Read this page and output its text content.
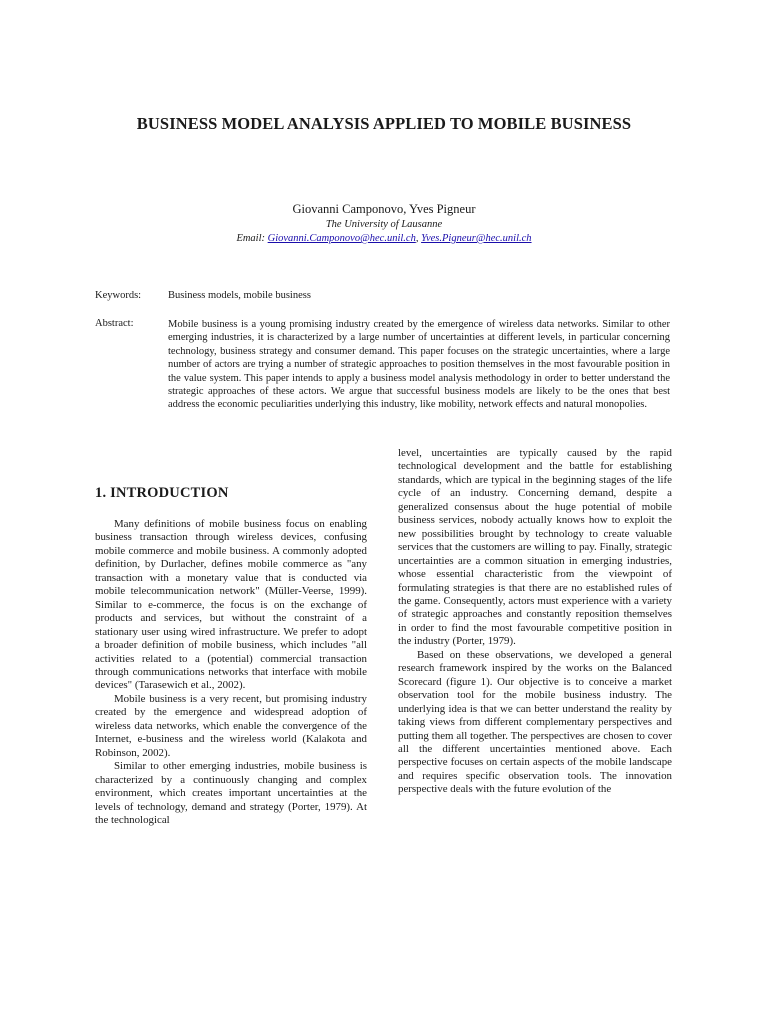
BUSINESS MODEL ANALYSIS APPLIED TO MOBILE BUSINESS
Giovanni Camponovo, Yves Pigneur
The University of Lausanne
Email: Giovanni.Camponovo@hec.unil.ch, Yves.Pigneur@hec.unil.ch
Keywords:	Business models, mobile business
Abstract:	Mobile business is a young promising industry created by the emergence of wireless data networks. Similar to other emerging industries, it is characterized by a large number of uncertainties at different levels, in particular concerning technology, business strategy and consumer demand. This paper focuses on the strategic uncertainties, where a large number of actors are trying a number of strategic approaches to position themselves in the most favourable position in the value system. This paper intends to apply a business model analysis methodology in order to better understand the strategic approaches of these actors. We argue that successful business models are likely to be the ones that best address the economic peculiarities underlying this industry, like mobility, network effects and natural monopolies.
1. INTRODUCTION

Many definitions of mobile business focus on enabling business transaction through wireless devices, confusing mobile commerce and mobile business. A commonly adopted definition, by Durlacher, defines mobile commerce as "any transaction with a monetary value that is conducted via mobile telecommunication network" (Müller-Veerse, 1999). Similar to e-commerce, the focus is on the exchange of products and services, but without the constraint of a stationary user using wired infrastructure. We prefer to adopt a broader definition of mobile business, which includes "all activities related to a (potential) commercial transaction through communications networks that interface with mobile devices" (Tarasewich et al., 2002).

Mobile business is a very recent, but promising industry created by the emergence and widespread adoption of wireless data networks, which enable the convergence of the Internet, e-business and the wireless world (Kalakota and Robinson, 2002).

Similar to other emerging industries, mobile business is characterized by a continuously changing and complex environment, which creates important uncertainties at the levels of technology, demand and strategy (Porter, 1979). At the technological

level, uncertainties are typically caused by the rapid technological development and the battle for establishing standards, which are typical in the beginning stages of the life cycle of an industry. Concerning demand, despite a generalized consensus about the huge potential of mobile business services, nobody actually knows how to exploit the new possibilities brought by technology to create valuable services that the customers are willing to pay. Finally, strategic uncertainties are a common situation in emerging industries, whose essential characteristic from the viewpoint of formulating strategies is that there are no established rules of the game. Consequently, actors must experience with a variety of strategic approaches and constantly reposition themselves in order to find the most favourable competitive position in the industry (Porter, 1979).

Based on these observations, we developed a general research framework inspired by the works on the Balanced Scorecard (figure 1). Our objective is to conceive a market observation tool for the mobile business industry. The underlying idea is that we can better understand the reality by taking views from different complementary perspectives and putting them all together. The perspectives are chosen to cover all the different uncertainties mentioned above. Each perspective focuses on certain aspects of the mobile landscape and requires specific observation tools. The innovation perspective deals with the future evolution of the
